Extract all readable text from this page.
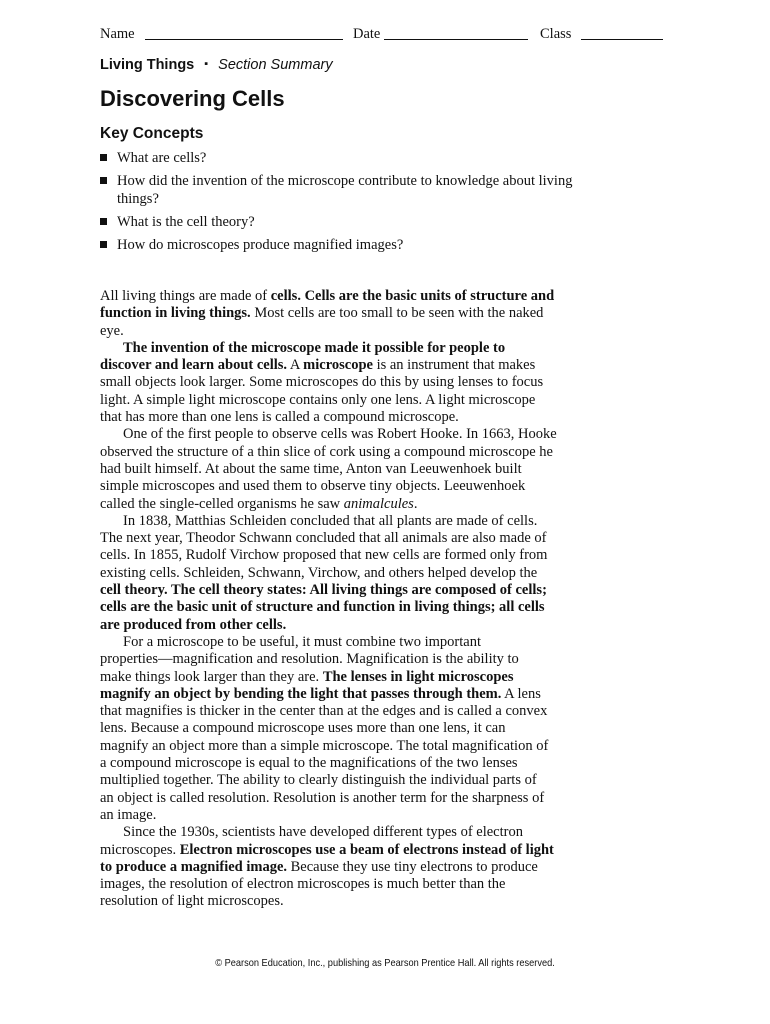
Name	Date	Class
Living Things ▪ Section Summary
Discovering Cells
Key Concepts
What are cells?
How did the invention of the microscope contribute to knowledge about living things?
What is the cell theory?
How do microscopes produce magnified images?
All living things are made of cells. Cells are the basic units of structure and
function in living things. Most cells are too small to be seen with the naked
eye.
The invention of the microscope made it possible for people to
discover and learn about cells. A microscope is an instrument that makes
small objects look larger. Some microscopes do this by using lenses to focus
light. A simple light microscope contains only one lens. A light microscope
that has more than one lens is called a compound microscope.
One of the first people to observe cells was Robert Hooke. In 1663, Hooke
observed the structure of a thin slice of cork using a compound microscope he
had built himself. At about the same time, Anton van Leeuwenhoek built
simple microscopes and used them to observe tiny objects. Leeuwenhoek
called the single-celled organisms he saw animalcules.
In 1838, Matthias Schleiden concluded that all plants are made of cells.
The next year, Theodor Schwann concluded that all animals are also made of
cells. In 1855, Rudolf Virchow proposed that new cells are formed only from
existing cells. Schleiden, Schwann, Virchow, and others helped develop the
cell theory. The cell theory states: All living things are composed of cells;
cells are the basic unit of structure and function in living things; all cells
are produced from other cells.
For a microscope to be useful, it must combine two important
properties—magnification and resolution. Magnification is the ability to
make things look larger than they are. The lenses in light microscopes
magnify an object by bending the light that passes through them. A lens
that magnifies is thicker in the center than at the edges and is called a convex
lens. Because a compound microscope uses more than one lens, it can
magnify an object more than a simple microscope. The total magnification of
a compound microscope is equal to the magnifications of the two lenses
multiplied together. The ability to clearly distinguish the individual parts of
an object is called resolution. Resolution is another term for the sharpness of
an image.
Since the 1930s, scientists have developed different types of electron
microscopes. Electron microscopes use a beam of electrons instead of light
to produce a magnified image. Because they use tiny electrons to produce
images, the resolution of electron microscopes is much better than the
resolution of light microscopes.
© Pearson Education, Inc., publishing as Pearson Prentice Hall. All rights reserved.
